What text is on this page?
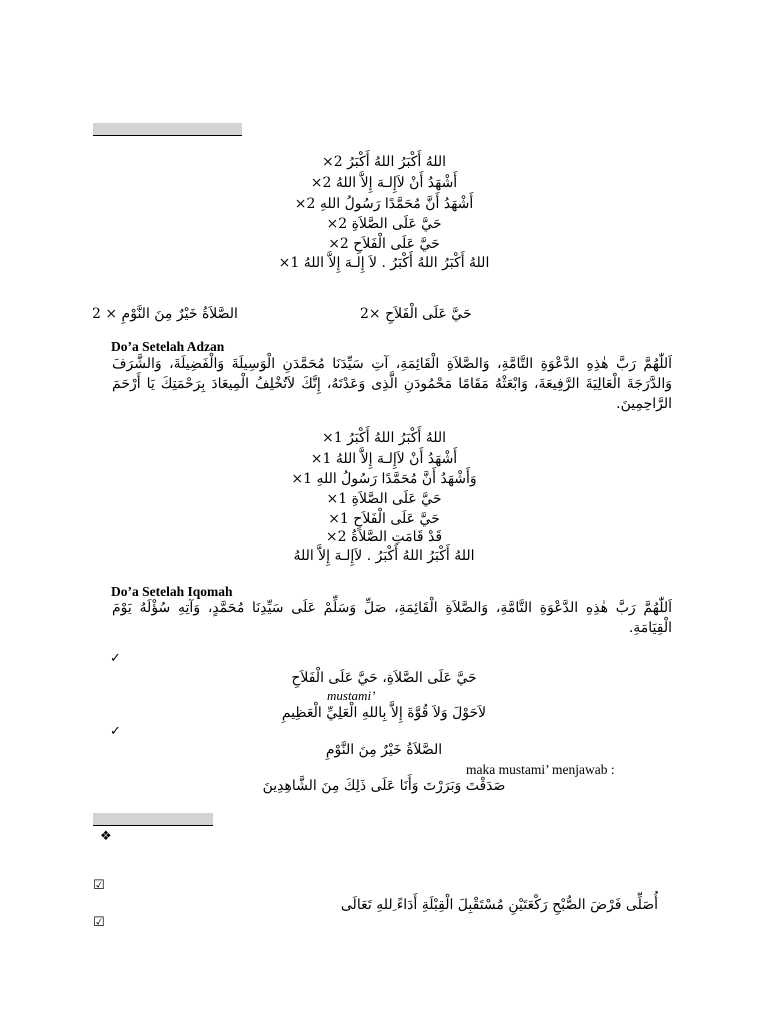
اللهُ أَكْبَرُ اللهُ أَكْبَرُ 2×
أَشْهَدُ أَنْ لاَإِلـهَ إِلاَّ اللهُ 2×
أَشْهَدُ أَنَّ مُحَمَّدًا رَسُولُ اللهِ 2×
حَيَّ عَلَى الصَّلاَةِ 2×
حَيَّ عَلَى الْفَلاَحِ 2×
اللهُ أَكْبَرُ اللهُ أَكْبَرُ . لاَ إِلـهَ إِلاَّ اللهُ 1×
2 × الصَّلاَةُ خَيْرٌ مِنَ النَّوْمِ	2× حَيَّ عَلَى الْفَلاَحِ
Do’a Setelah Adzan
اَللّٰهُمَّ رَبَّ هٰذِهِ الدَّعْوَةِ التَّامَّةِ، وَالصَّلاَةِ الْقَائِمَةِ، آتِ سَيِّدَنَا مُحَمَّدَنِ الْوَسِيلَةَ وَالْفَضِيلَةَ، وَالشَّرَفَ وَالدَّرَجَةَ الْعَالِيَةَ الرَّفِيعَةَ، وَابْعَثْهُ مَقَامًا مَحْمُودَنِ الَّذِى وَعَدْتَهُ، إِنَّكَ لاَتُخْلِفُ الْمِيعَادَ بِرَحْمَتِكَ يَا أَرْحَمَ الرَّاحِمِينَ.
اللهُ أَكْبَرُ اللهُ أَكْبَرُ 1×
أَشْهَدُ أَنْ لاَإِلـهَ إِلاَّ اللهُ 1×
وَأَشْهَدُ أَنَّ مُحَمَّدًا رَسُولُ اللهِ 1×
حَيَّ عَلَى الصَّلاَةِ 1×
حَيَّ عَلَى الْفَلاَحِ 1×
قَدْ قَامَتِ الصَّلاَةُ 2×
اللهُ أَكْبَرُ اللهُ أَكْبَرُ . لاَإِلـهَ إِلاَّ اللهُ
Do’a Setelah Iqomah
اَللّٰهُمَّ رَبَّ هٰذِهِ الدَّعْوَةِ التَّامَّةِ، وَالصَّلاَةِ الْقَائِمَةِ، صَلِّ وَسَلِّمْ عَلَى سَيِّدِنَا مُحَمَّدٍ، وَآتِهِ سُؤْلَهُ يَوْمَ الْقِيَامَةِ.
✓
حَيَّ عَلَى الصَّلاَةِ، حَيَّ عَلَى الْفَلاَحِ
mustami’
لاَحَوْلَ وَلاَ قُوَّةَ إِلاَّ بِاللهِ الْعَلِيِّ الْعَظِيمِ
✓
الصَّلاَةُ خَيْرٌ مِنَ النَّوْمِ
maka mustami’ menjawab :
صَدَقْتَ وَبَرَرْتَ وَأَنَا عَلَى ذَلِكَ مِنَ الشَّاهِدِينَ
❖
☑
أُصَلِّى فَرْضَ الصُّبْحِ رَكْعَتَيْنِ مُسْتَقْبِلَ الْقِبْلَةِ أَدَاءً ِللهِ تَعَالَى
☑
